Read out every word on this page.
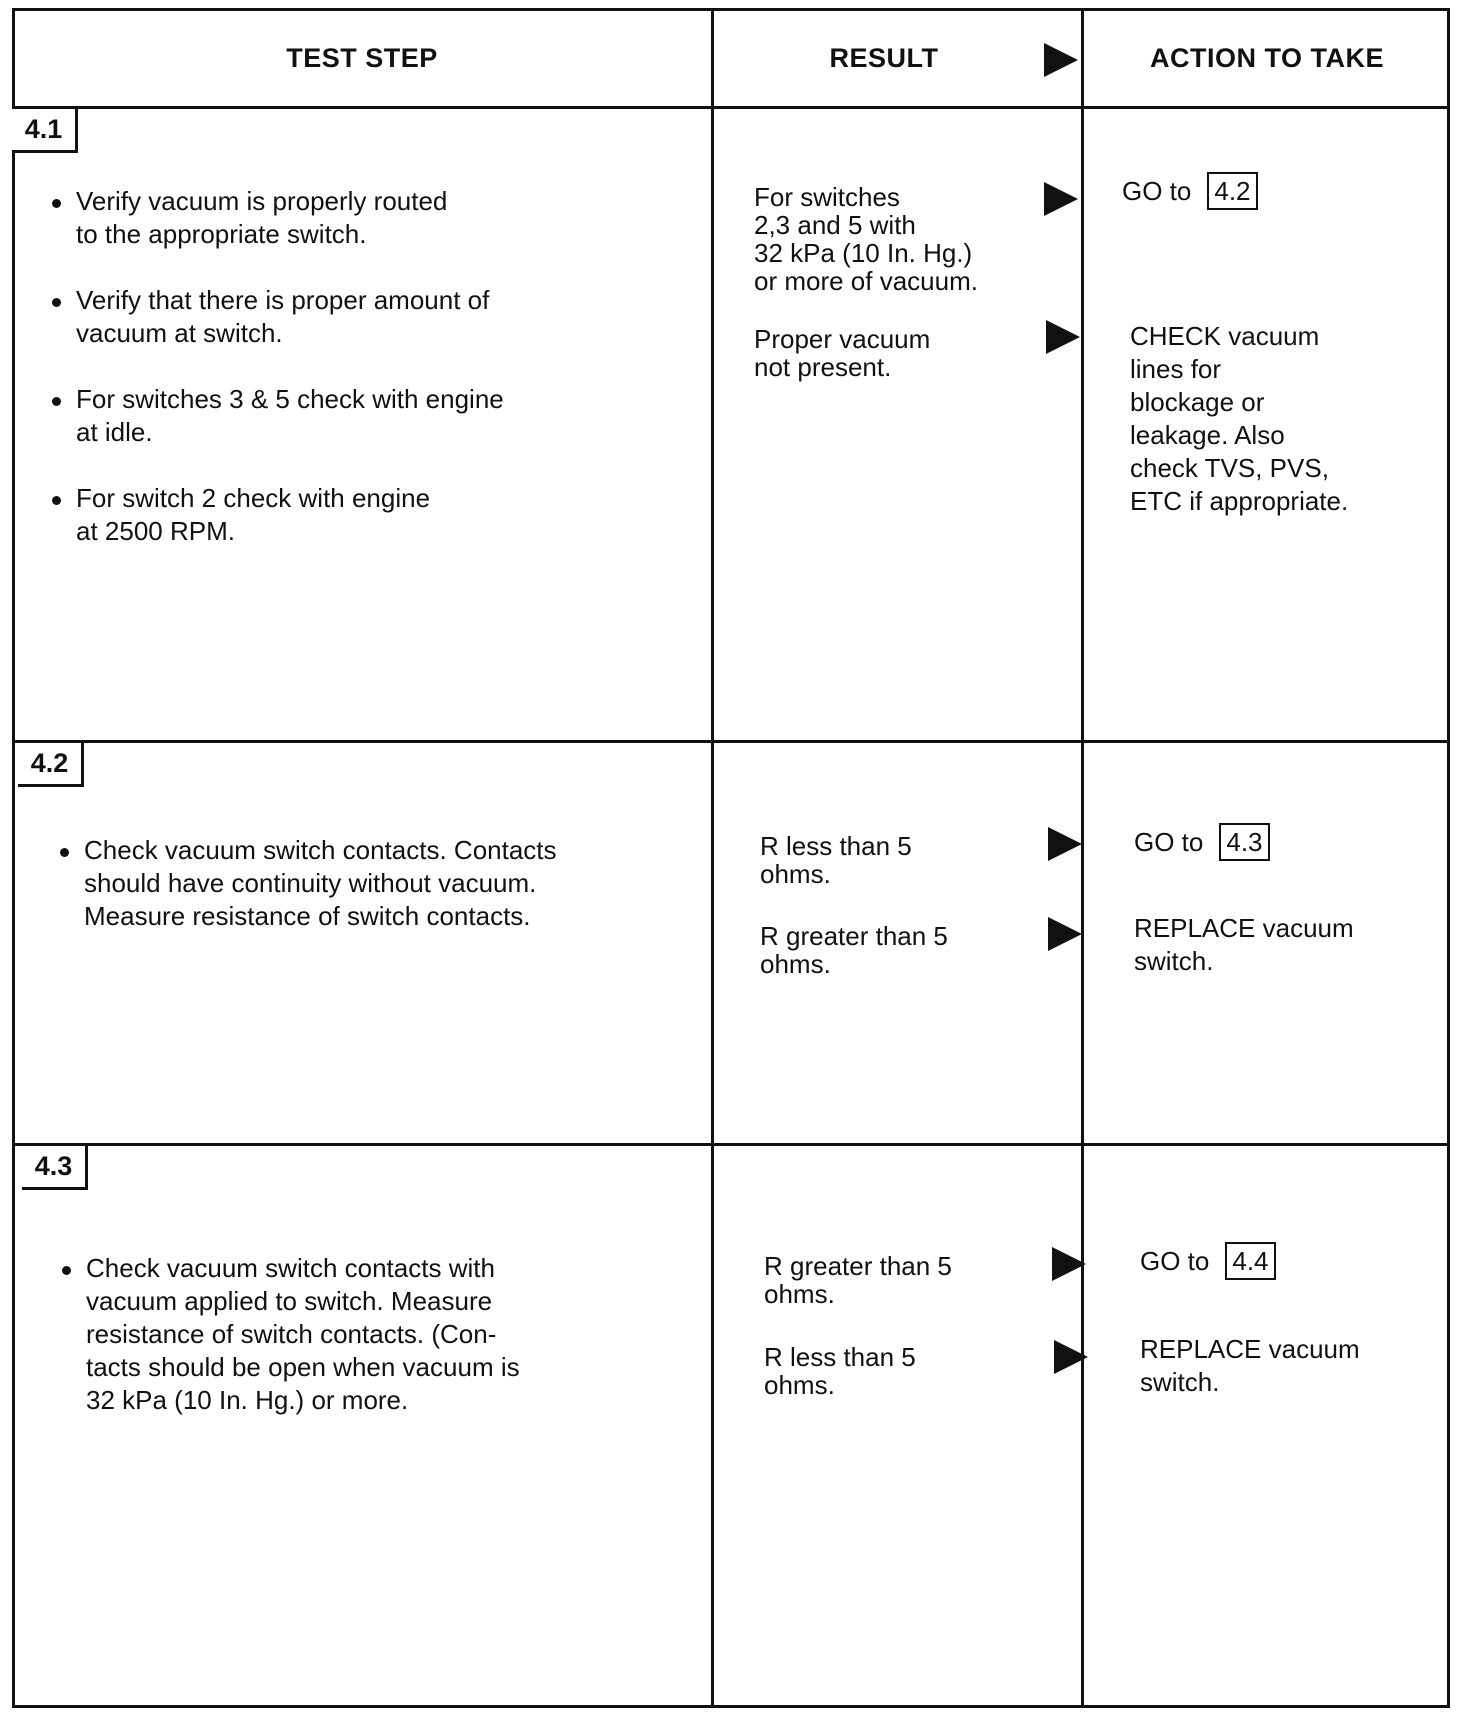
TEST STEP	RESULT	ACTION TO TAKE
4.1
Verify vacuum is properly routed
to the appropriate switch.
Verify that there is proper amount of
vacuum at switch.
For switches 3 & 5 check with engine
at idle.
For switch 2 check with engine
at 2500 RPM.

For switches
2,3 and 5 with
32 kPa (10 In. Hg.)
or more of vacuum.

GO to 4.2

Proper vacuum
not present.

CHECK vacuum
lines for
blockage or
leakage. Also
check TVS, PVS,
ETC if appropriate.

4.2
Check vacuum switch contacts. Contacts
should have continuity without vacuum.
Measure resistance of switch contacts.

R less than 5
ohms.

GO to 4.3

R greater than 5
ohms.

REPLACE vacuum
switch.

4.3
Check vacuum switch contacts with
vacuum applied to switch. Measure
resistance of switch contacts. (Con-
tacts should be open when vacuum is
32 kPa (10 In. Hg.) or more.

R greater than 5
ohms.

GO to 4.4

R less than 5
ohms.

REPLACE vacuum
switch.
